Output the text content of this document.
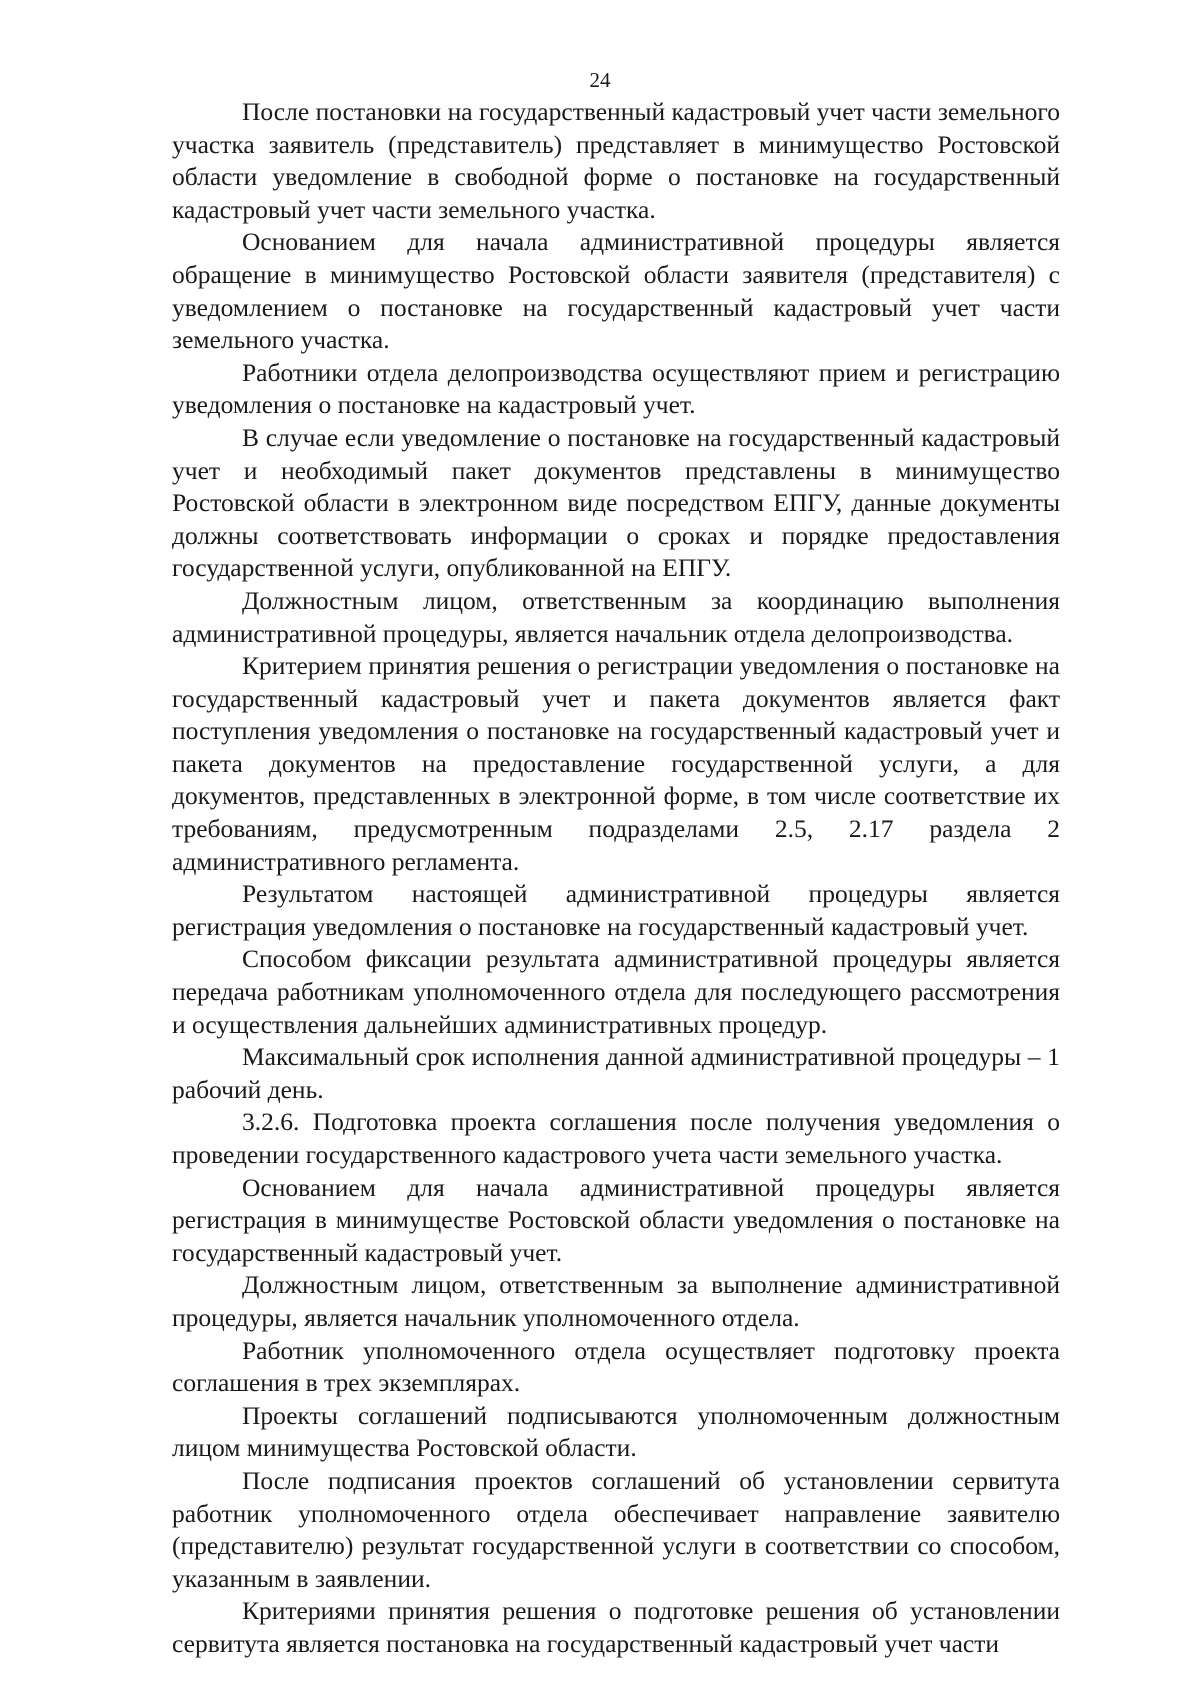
24

После постановки на государственный кадастровый учет части земельного участка заявитель (представитель) представляет в минимущество Ростовской области уведомление в свободной форме о постановке на государственный кадастровый учет части земельного участка.

Основанием для начала административной процедуры является обращение в минимущество Ростовской области заявителя (представителя) с уведомлением о постановке на государственный кадастровый учет части земельного участка.

Работники отдела делопроизводства осуществляют прием и регистрацию уведомления о постановке на кадастровый учет.

В случае если уведомление о постановке на государственный кадастровый учет и необходимый пакет документов представлены в минимущество Ростовской области в электронном виде посредством ЕПГУ, данные документы должны соответствовать информации о сроках и порядке предоставления государственной услуги, опубликованной на ЕПГУ.

Должностным лицом, ответственным за координацию выполнения административной процедуры, является начальник отдела делопроизводства.

Критерием принятия решения о регистрации уведомления о постановке на государственный кадастровый учет и пакета документов является факт поступления уведомления о постановке на государственный кадастровый учет и пакета документов на предоставление государственной услуги, а для документов, представленных в электронной форме, в том числе соответствие их требованиям, предусмотренным подразделами 2.5, 2.17 раздела 2 административного регламента.

Результатом настоящей административной процедуры является регистрация уведомления о постановке на государственный кадастровый учет.

Способом фиксации результата административной процедуры является передача работникам уполномоченного отдела для последующего рассмотрения и осуществления дальнейших административных процедур.

Максимальный срок исполнения данной административной процедуры – 1 рабочий день.

3.2.6. Подготовка проекта соглашения после получения уведомления о проведении государственного кадастрового учета части земельного участка.

Основанием для начала административной процедуры является регистрация в минимуществе Ростовской области уведомления о постановке на государственный кадастровый учет.

Должностным лицом, ответственным за выполнение административной процедуры, является начальник уполномоченного отдела.

Работник уполномоченного отдела осуществляет подготовку проекта соглашения в трех экземплярах.

Проекты соглашений подписываются уполномоченным должностным лицом минимущества Ростовской области.

После подписания проектов соглашений об установлении сервитута работник уполномоченного отдела обеспечивает направление заявителю (представителю) результат государственной услуги в соответствии со способом, указанным в заявлении.

Критериями принятия решения о подготовке решения об установлении сервитута является постановка на государственный кадастровый учет части
